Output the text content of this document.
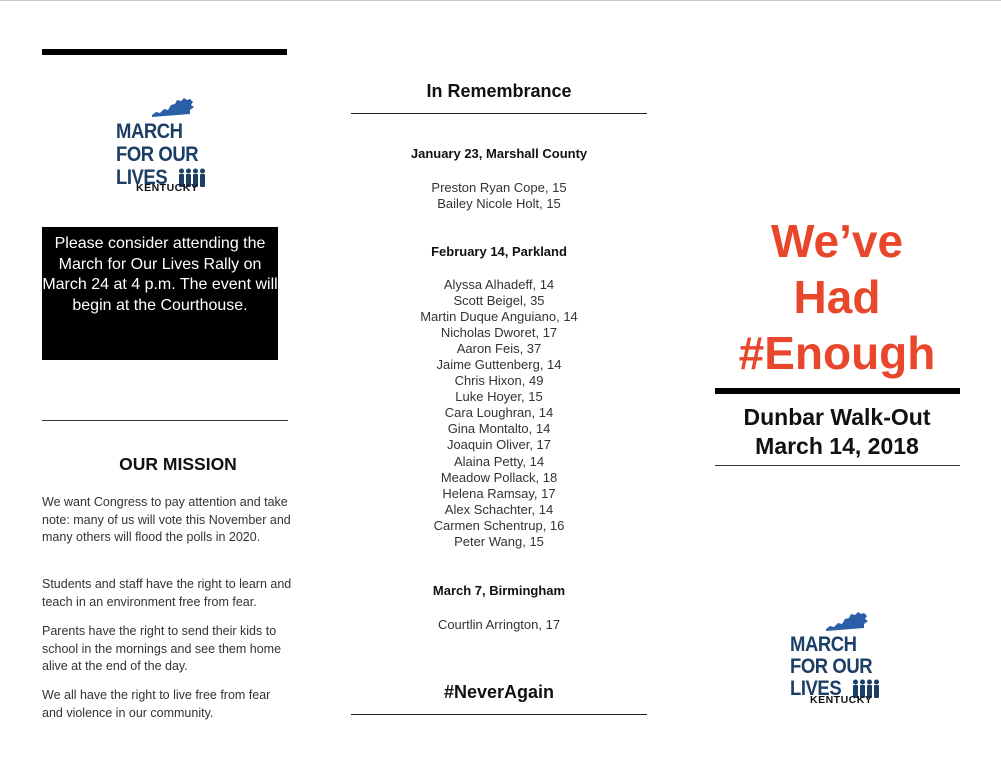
MARCH
FOR OUR
LIVES
KENTUCKY
Please consider attending the March for Our Lives Rally on March 24 at 4 p.m. The event will begin at the Courthouse.
OUR MISSION

We want Congress to pay attention and take note: many of us will vote this November and many others will flood the polls in 2020.

Students and staff have the right to learn and teach in an environment free from fear.

Parents have the right to send their kids to school in the mornings and see them home alive at the end of the day.

We all have the right to live free from fear and violence in our community.

In Remembrance
January 23, Marshall County
Preston Ryan Cope, 15
Bailey Nicole Holt, 15
February 14, Parkland
Alyssa Alhadeff, 14
Scott Beigel, 35
Martin Duque Anguiano, 14
Nicholas Dworet, 17
Aaron Feis, 37
Jaime Guttenberg, 14
Chris Hixon, 49
Luke Hoyer, 15
Cara Loughran, 14
Gina Montalto, 14
Joaquin Oliver, 17
Alaina Petty, 14
Meadow Pollack, 18
Helena Ramsay, 17
Alex Schachter, 14
Carmen Schentrup, 16
Peter Wang, 15
March 7, Birmingham
Courtlin Arrington, 17
#NeverAgain
We’ve
Had
#Enough
Dunbar Walk-Out
March 14, 2018
MARCH
FOR OUR
LIVES
KENTUCKY
